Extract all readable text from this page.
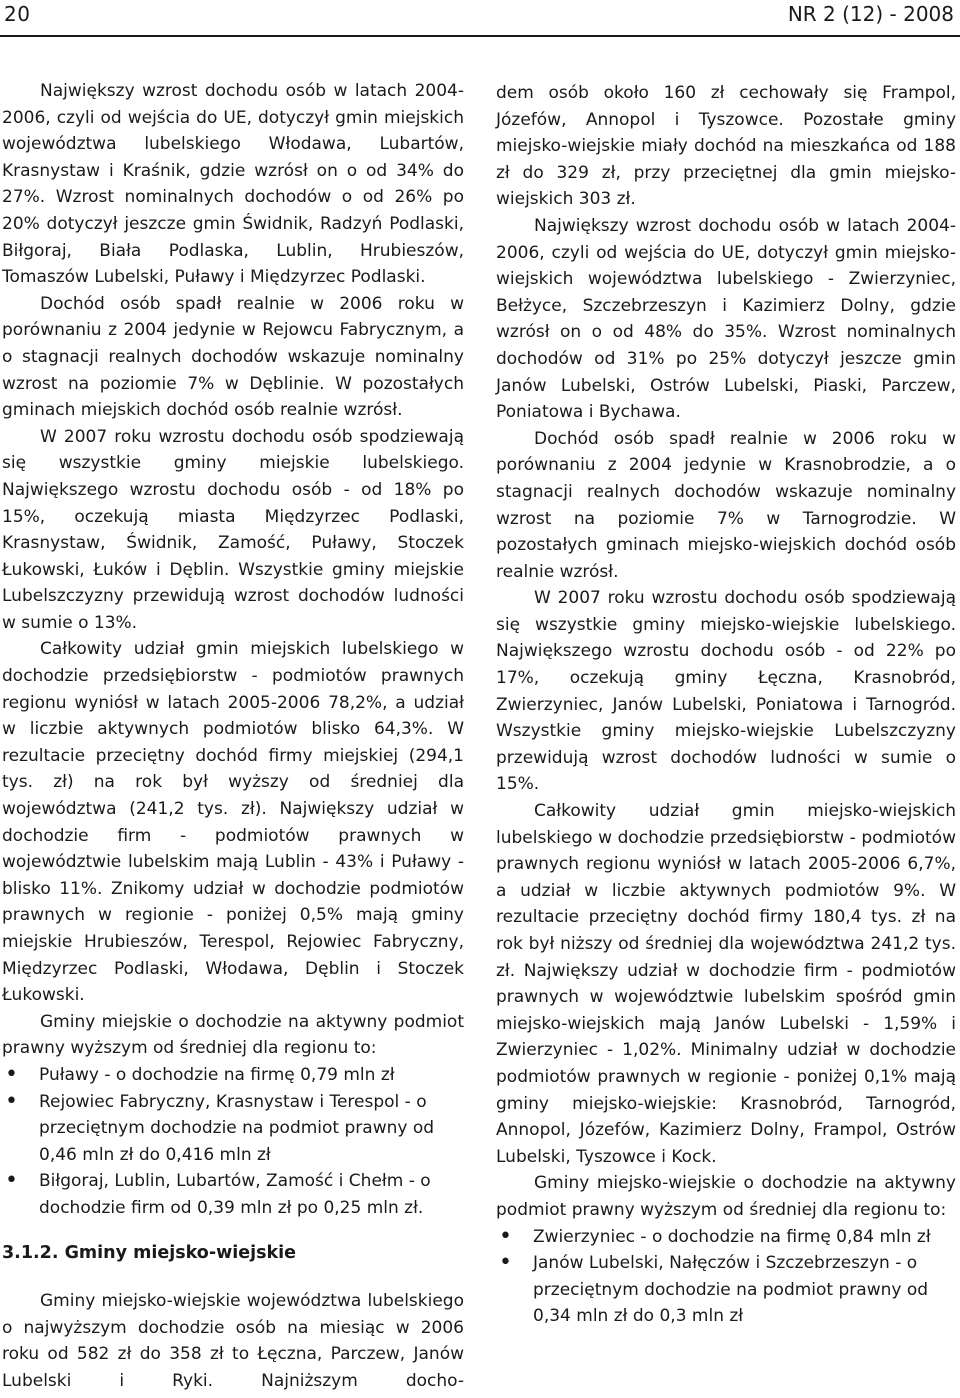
20	NR 2 (12) - 2008

Największy wzrost dochodu osób w latach 2004-2006, czyli od wejścia do UE, dotyczył gmin miejskich województwa lubelskiego Włodawa, Lubartów, Krasnystaw i Kraśnik, gdzie wzrósł on o od 34% do 27%. Wzrost nominalnych dochodów o od 26% po 20% dotyczył jeszcze gmin Świdnik, Radzyń Podlaski, Biłgoraj, Biała Podlaska, Lublin, Hrubieszów, Tomaszów Lubelski, Puławy i Międzyrzec Podlaski.

Dochód osób spadł realnie w 2006 roku w porównaniu z 2004 jedynie w Rejowcu Fabrycznym, a o stagnacji realnych dochodów wskazuje nominalny wzrost na poziomie 7% w Dęblinie. W pozostałych gminach miejskich dochód osób realnie wzrósł.

W 2007 roku wzrostu dochodu osób spodziewają się wszystkie gminy miejskie lubelskiego. Największego wzrostu dochodu osób - od 18% po 15%, oczekują miasta Międzyrzec Podlaski, Krasnystaw, Świdnik, Zamość, Puławy, Stoczek Łukowski, Łuków i Dęblin. Wszystkie gminy miejskie Lubelszczyzny przewidują wzrost dochodów ludności w sumie o 13%.

Całkowity udział gmin miejskich lubelskiego w dochodzie przedsiębiorstw - podmiotów prawnych regionu wyniósł w latach 2005-2006 78,2%, a udział w liczbie aktywnych podmiotów blisko 64,3%. W rezultacie przeciętny dochód firmy miejskiej (294,1 tys. zł) na rok był wyższy od średniej dla województwa (241,2 tys. zł). Największy udział w dochodzie firm - podmiotów prawnych w województwie lubelskim mają Lublin - 43% i Puławy - blisko 11%. Znikomy udział w dochodzie podmiotów prawnych w regionie - poniżej 0,5% mają gminy miejskie Hrubieszów, Terespol, Rejowiec Fabryczny, Międzyrzec Podlaski, Włodawa, Dęblin i Stoczek Łukowski.

Gminy miejskie o dochodzie na aktywny podmiot prawny wyższym od średniej dla regionu to:

• Puławy - o dochodzie na firmę 0,79 mln zł
• Rejowiec Fabryczny, Krasnystaw i Terespol - o przeciętnym dochodzie na podmiot prawny od 0,46 mln zł do 0,416 mln zł
• Biłgoraj, Lublin, Lubartów, Zamość i Chełm - o dochodzie firm od 0,39 mln zł po 0,25 mln zł.
3.1.2. Gminy miejsko-wiejskie

Gminy miejsko-wiejskie województwa lubelskiego o najwyższym dochodzie osób na miesiąc w 2006 roku od 582 zł do 358 zł to Łęczna, Parczew, Janów Lubelski i Ryki. Najniższym docho-

dem osób około 160 zł cechowały się Frampol, Józefów, Annopol i Tyszowce. Pozostałe gminy miejsko-wiejskie miały dochód na mieszkańca od 188 zł do 329 zł, przy przeciętnej dla gmin miejsko-wiejskich 303 zł.

Największy wzrost dochodu osób w latach 2004-2006, czyli od wejścia do UE, dotyczył gmin miejsko-wiejskich województwa lubelskiego - Zwierzyniec, Bełżyce, Szczebrzeszyn i Kazimierz Dolny, gdzie wzrósł on o od 48% do 35%. Wzrost nominalnych dochodów od 31% po 25% dotyczył jeszcze gmin Janów Lubelski, Ostrów Lubelski, Piaski, Parczew, Poniatowa i Bychawa.

Dochód osób spadł realnie w 2006 roku w porównaniu z 2004 jedynie w Krasnobrodzie, a o stagnacji realnych dochodów wskazuje nominalny wzrost na poziomie 7% w Tarnogrodzie. W pozostałych gminach miejsko-wiejskich dochód osób realnie wzrósł.

W 2007 roku wzrostu dochodu osób spodziewają się wszystkie gminy miejsko-wiejskie lubelskiego. Największego wzrostu dochodu osób - od 22% po 17%, oczekują gminy Łęczna, Krasnobród, Zwierzyniec, Janów Lubelski, Poniatowa i Tarnogród. Wszystkie gminy miejsko-wiejskie Lubelszczyzny przewidują wzrost dochodów ludności w sumie o 15%.

Całkowity udział gmin miejsko-wiejskich lubelskiego w dochodzie przedsiębiorstw - podmiotów prawnych regionu wyniósł w latach 2005-2006 6,7%, a udział w liczbie aktywnych podmiotów 9%. W rezultacie przeciętny dochód firmy 180,4 tys. zł na rok był niższy od średniej dla województwa 241,2 tys. zł. Największy udział w dochodzie firm - podmiotów prawnych w województwie lubelskim spośród gmin miejsko-wiejskich mają Janów Lubelski - 1,59% i Zwierzyniec - 1,02%. Minimalny udział w dochodzie podmiotów prawnych w regionie - poniżej 0,1% mają gminy miejsko-wiejskie: Krasnobród, Tarnogród, Annopol, Józefów, Kazimierz Dolny, Frampol, Ostrów Lubelski, Tyszowce i Kock.

Gminy miejsko-wiejskie o dochodzie na aktywny podmiot prawny wyższym od średniej dla regionu to:

• Zwierzyniec - o dochodzie na firmę 0,84 mln zł
• Janów Lubelski, Nałęczów i Szczebrzeszyn - o przeciętnym dochodzie na podmiot prawny od 0,34 mln zł do 0,3 mln zł
